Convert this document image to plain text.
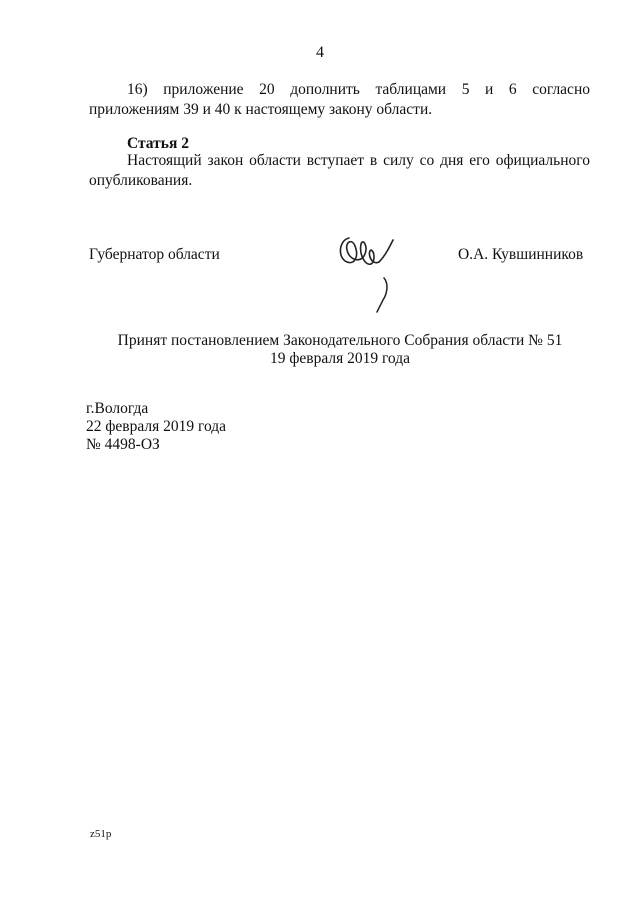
4
16) приложение 20 дополнить таблицами 5 и 6 согласно приложениям 39 и 40 к настоящему закону области.
Статья 2
Настоящий закон области вступает в силу со дня его официального опубликования.
Губернатор области	О.А. Кувшинников
Принят постановлением Законодательного Собрания области № 51
19 февраля 2019 года
г.Вологда
22 февраля 2019 года
№ 4498-ОЗ
z51p
